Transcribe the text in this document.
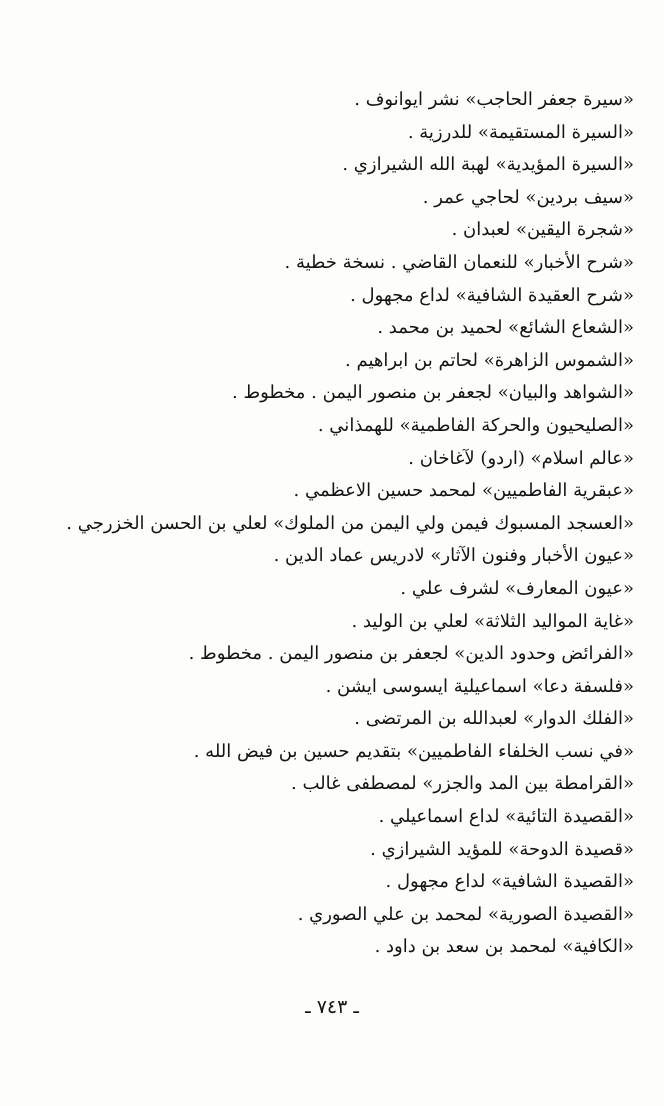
«سيرة جعفر الحاجب» نشر ايوانوف .
«السيرة المستقيمة» للدرزية .
«السيرة المؤيدية» لهبة الله الشيرازي .
«سيف بردين» لحاجي عمر .
«شجرة اليقين» لعبدان .
«شرح الأخبار» للنعمان القاضي . نسخة خطية .
«شرح العقيدة الشافية» لداع مجهول .
«الشعاع الشائع» لحميد بن محمد .
«الشموس الزاهرة» لحاتم بن ابراهيم .
«الشواهد والبيان» لجعفر بن منصور اليمن . مخطوط .
«الصليحيون والحركة الفاطمية» للهمذاني .
«عالم اسلام» (اردو) لآغاخان .
«عبقرية الفاطميين» لمحمد حسين الاعظمي .
«العسجد المسبوك فيمن ولي اليمن من الملوك» لعلي بن الحسن الخزرجي .
«عيون الأخبار وفنون الآثار» لادريس عماد الدين .
«عيون المعارف» لشرف علي .
«غاية المواليد الثلاثة» لعلي بن الوليد .
«الفرائض وحدود الدين» لجعفر بن منصور اليمن . مخطوط .
«فلسفة دعا» اسماعيلية ايسوسى ايشن .
«الفلك الدوار» لعبدالله بن المرتضى .
«في نسب الخلفاء الفاطميين» بتقديم حسين بن فيض الله .
«القرامطة بين المد والجزر» لمصطفى غالب .
«القصيدة التائية» لداع اسماعيلي .
«قصيدة الدوحة» للمؤيد الشيرازي .
«القصيدة الشافية» لداع مجهول .
«القصيدة الصورية» لمحمد بن علي الصوري .
«الكافية» لمحمد بن سعد بن داود .
ـ ٧٤٣ ـ
